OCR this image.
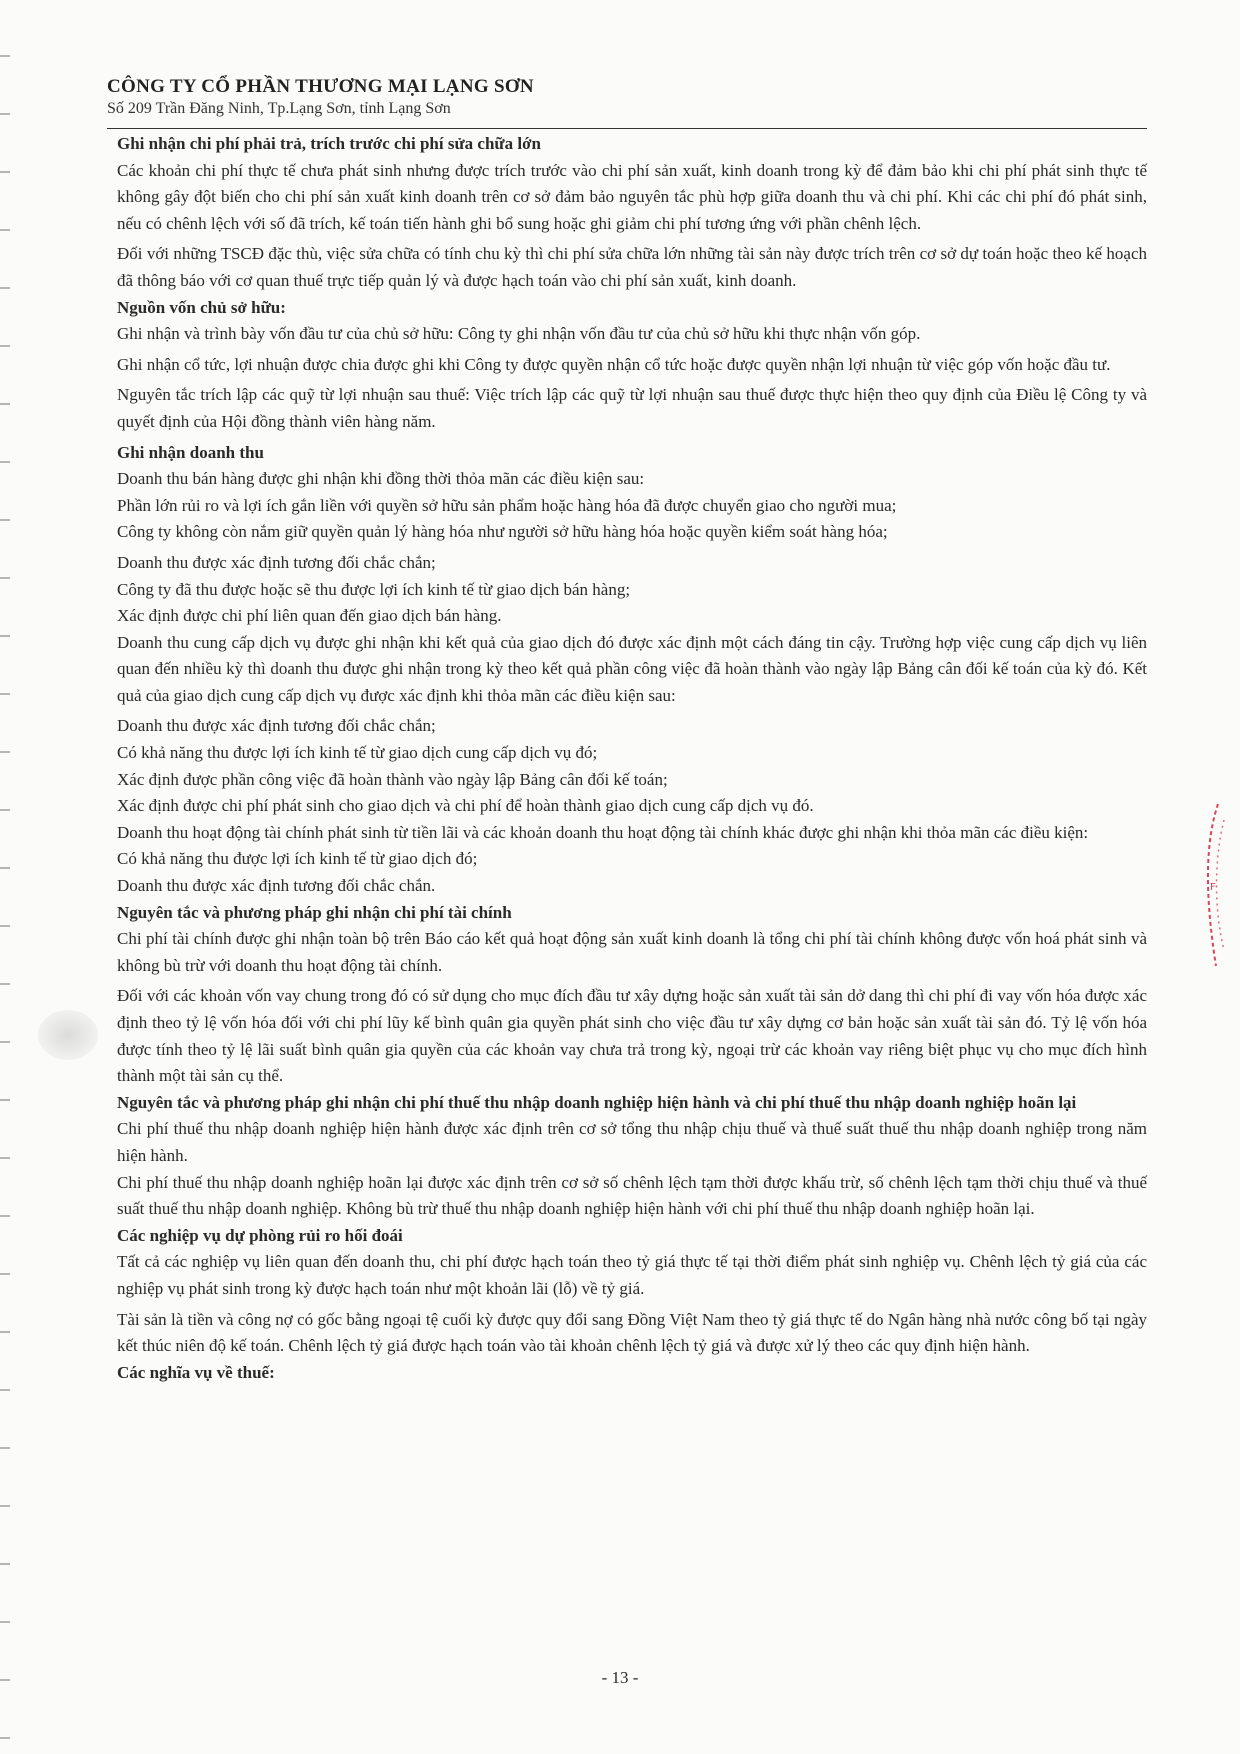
CÔNG TY CỔ PHẦN THƯƠNG MẠI LẠNG SƠN
Số 209 Trần Đăng Ninh, Tp.Lạng Sơn, tỉnh Lạng Sơn

Ghi nhận chi phí phải trả, trích trước chi phí sửa chữa lớn

Các khoản chi phí thực tế chưa phát sinh nhưng được trích trước vào chi phí sản xuất, kinh doanh trong kỳ để đảm bảo khi chi phí phát sinh thực tế không gây đột biến cho chi phí sản xuất kinh doanh trên cơ sở đảm bảo nguyên tắc phù hợp giữa doanh thu và chi phí. Khi các chi phí đó phát sinh, nếu có chênh lệch với số đã trích, kế toán tiến hành ghi bổ sung hoặc ghi giảm chi phí tương ứng với phần chênh lệch.

Đối với những TSCĐ đặc thù, việc sửa chữa có tính chu kỳ thì chi phí sửa chữa lớn những tài sản này được trích trên cơ sở dự toán hoặc theo kế hoạch đã thông báo với cơ quan thuế trực tiếp quản lý và được hạch toán vào chi phí sản xuất, kinh doanh.

Nguồn vốn chủ sở hữu:

Ghi nhận và trình bày vốn đầu tư của chủ sở hữu: Công ty ghi nhận vốn đầu tư của chủ sở hữu khi thực nhận vốn góp.

Ghi nhận cổ tức, lợi nhuận được chia được ghi khi Công ty được quyền nhận cổ tức hoặc được quyền nhận lợi nhuận từ việc góp vốn hoặc đầu tư.

Nguyên tắc trích lập các quỹ từ lợi nhuận sau thuế: Việc trích lập các quỹ từ lợi nhuận sau thuế được thực hiện theo quy định của Điều lệ Công ty và quyết định của Hội đồng thành viên hàng năm.

Ghi nhận doanh thu

Doanh thu bán hàng được ghi nhận khi đồng thời thỏa mãn các điều kiện sau:

Phần lớn rủi ro và lợi ích gắn liền với quyền sở hữu sản phẩm hoặc hàng hóa đã được chuyển giao cho người mua;

Công ty không còn nắm giữ quyền quản lý hàng hóa như người sở hữu hàng hóa hoặc quyền kiểm soát hàng hóa;

Doanh thu được xác định tương đối chắc chắn;

Công ty đã thu được hoặc sẽ thu được lợi ích kinh tế từ giao dịch bán hàng;

Xác định được chi phí liên quan đến giao dịch bán hàng.

Doanh thu cung cấp dịch vụ được ghi nhận khi kết quả của giao dịch đó được xác định một cách đáng tin cậy. Trường hợp việc cung cấp dịch vụ liên quan đến nhiều kỳ thì doanh thu được ghi nhận trong kỳ theo kết quả phần công việc đã hoàn thành vào ngày lập Bảng cân đối kế toán của kỳ đó. Kết quả của giao dịch cung cấp dịch vụ được xác định khi thỏa mãn các điều kiện sau:

Doanh thu được xác định tương đối chắc chắn;

Có khả năng thu được lợi ích kinh tế từ giao dịch cung cấp dịch vụ đó;

Xác định được phần công việc đã hoàn thành vào ngày lập Bảng cân đối kế toán;

Xác định được chi phí phát sinh cho giao dịch và chi phí để hoàn thành giao dịch cung cấp dịch vụ đó.

Doanh thu hoạt động tài chính phát sinh từ tiền lãi và các khoản doanh thu hoạt động tài chính khác được ghi nhận khi thỏa mãn các điều kiện:

Có khả năng thu được lợi ích kinh tế từ giao dịch đó;

Doanh thu được xác định tương đối chắc chắn.

Nguyên tắc và phương pháp ghi nhận chi phí tài chính

Chi phí tài chính được ghi nhận toàn bộ trên Báo cáo kết quả hoạt động sản xuất kinh doanh là tổng chi phí tài chính không được vốn hoá phát sinh và không bù trừ với doanh thu hoạt động tài chính.

Đối với các khoản vốn vay chung trong đó có sử dụng cho mục đích đầu tư xây dựng hoặc sản xuất tài sản dở dang thì chi phí đi vay vốn hóa được xác định theo tỷ lệ vốn hóa đối với chi phí lũy kế bình quân gia quyền phát sinh cho việc đầu tư xây dựng cơ bản hoặc sản xuất tài sản đó. Tỷ lệ vốn hóa được tính theo tỷ lệ lãi suất bình quân gia quyền của các khoản vay chưa trả trong kỳ, ngoại trừ các khoản vay riêng biệt phục vụ cho mục đích hình thành một tài sản cụ thể.

Nguyên tắc và phương pháp ghi nhận chi phí thuế thu nhập doanh nghiệp hiện hành và chi phí thuế thu nhập doanh nghiệp hoãn lại

Chi phí thuế thu nhập doanh nghiệp hiện hành được xác định trên cơ sở tổng thu nhập chịu thuế và thuế suất thuế thu nhập doanh nghiệp trong năm hiện hành.

Chi phí thuế thu nhập doanh nghiệp hoãn lại được xác định trên cơ sở số chênh lệch tạm thời được khấu trừ, số chênh lệch tạm thời chịu thuế và thuế suất thuế thu nhập doanh nghiệp. Không bù trừ thuế thu nhập doanh nghiệp hiện hành với chi phí thuế thu nhập doanh nghiệp hoãn lại.

Các nghiệp vụ dự phòng rủi ro hối đoái

Tất cả các nghiệp vụ liên quan đến doanh thu, chi phí được hạch toán theo tỷ giá thực tế tại thời điểm phát sinh nghiệp vụ. Chênh lệch tỷ giá của các nghiệp vụ phát sinh trong kỳ được hạch toán như một khoản lãi (lỗ) về tỷ giá.

Tài sản là tiền và công nợ có gốc bằng ngoại tệ cuối kỳ được quy đổi sang Đồng Việt Nam theo tỷ giá thực tế do Ngân hàng nhà nước công bố tại ngày kết thúc niên độ kế toán. Chênh lệch tỷ giá được hạch toán vào tài khoản chênh lệch tỷ giá và được xử lý theo các quy định hiện hành.

Các nghĩa vụ về thuế:

- 13 -
F
